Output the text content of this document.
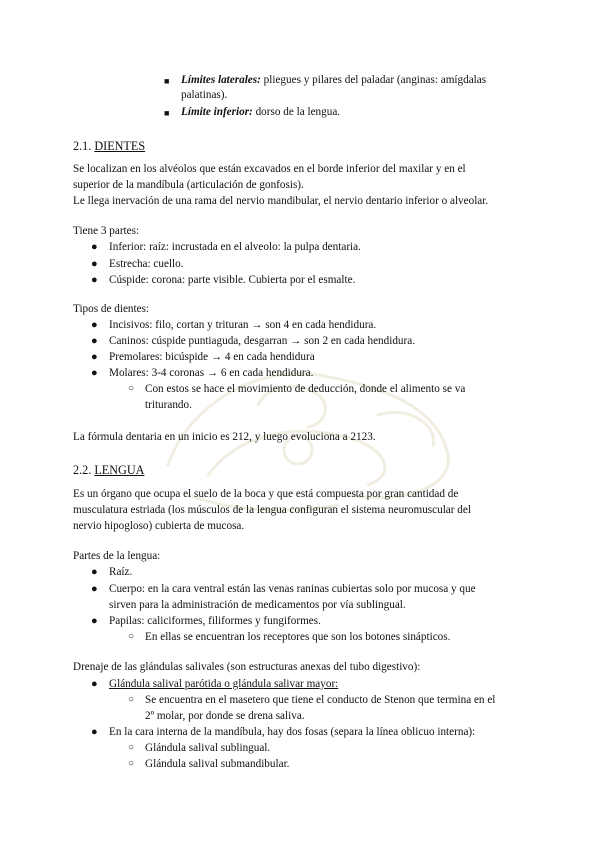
■ Límites laterales: pliegues y pilares del paladar (anginas: amígdalas
palatinas).
■ Límite inferior: dorso de la lengua.
2.1. DIENTES
Se localizan en los alvéolos que están excavados en el borde inferior del maxilar y en el
superior de la mandíbula (articulación de gonfosis).
Le llega inervación de una rama del nervio mandibular, el nervio dentario inferior o alveolar.
Tiene 3 partes:
● Inferior: raíz: incrustada en el alveolo: la pulpa dentaria.
● Estrecha: cuello.
● Cúspide: corona: parte visible. Cubierta por el esmalte.
Tipos de dientes:
● Incisivos: filo, cortan y trituran → son 4 en cada hendidura.
● Caninos: cúspide puntiaguda, desgarran → son 2 en cada hendidura.
● Premolares: bicúspide → 4 en cada hendidura
● Molares: 3-4 coronas → 6 en cada hendidura.
○ Con estos se hace el movimiento de deducción, donde el alimento se va
triturando.
La fórmula dentaria en un inicio es 212, y luego evoluciona a 2123.
2.2. LENGUA
Es un órgano que ocupa el suelo de la boca y que está compuesta por gran cantidad de
musculatura estriada (los músculos de la lengua configuran el sistema neuromuscular del
nervio hipogloso) cubierta de mucosa.
Partes de la lengua:
● Raíz.
● Cuerpo: en la cara ventral están las venas raninas cubiertas solo por mucosa y que
sirven para la administración de medicamentos por vía sublingual.
● Papilas: caliciformes, filiformes y fungiformes.
○ En ellas se encuentran los receptores que son los botones sinápticos.
Drenaje de las glándulas salivales (son estructuras anexas del tubo digestivo):
● Glándula salival parótida o glándula salivar mayor:
○ Se encuentra en el masetero que tiene el conducto de Stenon que termina en el
2º molar, por donde se drena saliva.
● En la cara interna de la mandíbula, hay dos fosas (separa la línea oblicuo interna):
○ Glándula salival sublingual.
○ Glándula salival submandibular.
